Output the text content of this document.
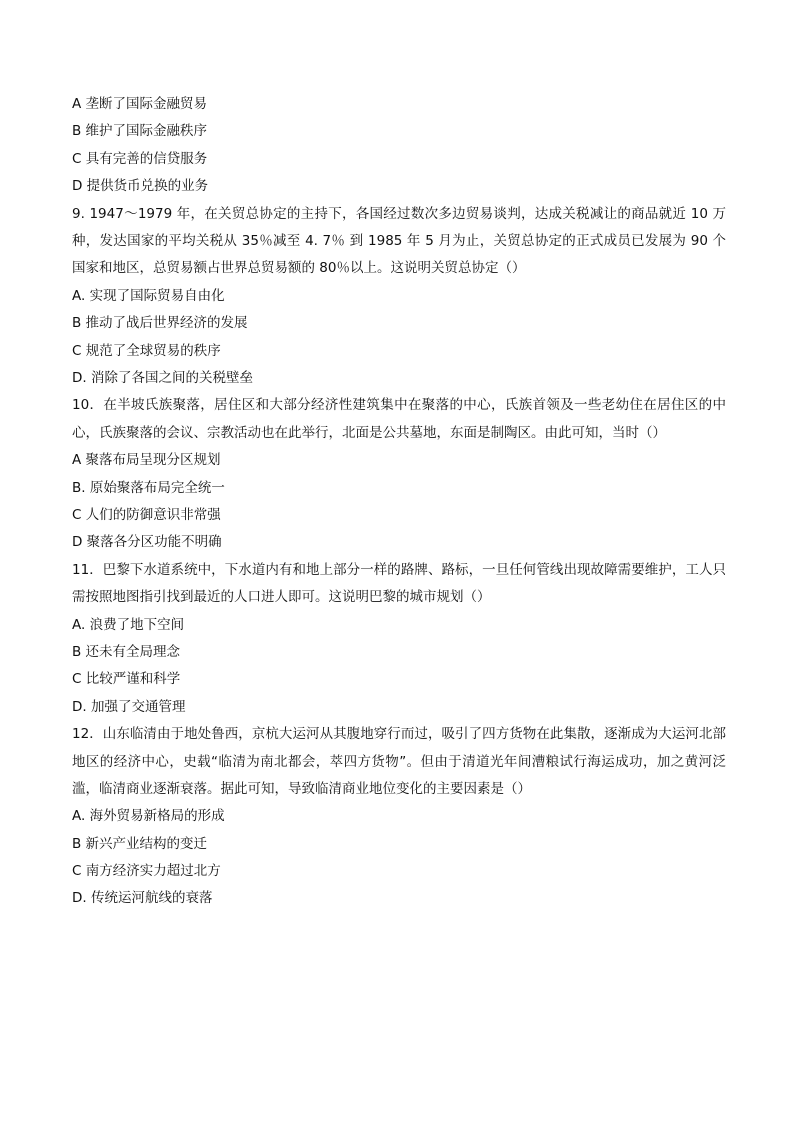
A 垄断了国际金融贸易
B 维护了国际金融秩序
C 具有完善的信贷服务
D 提供货币兑换的业务
9. 1947～1979 年，在关贸总协定的主持下，各国经过数次多边贸易谈判，达成关税减让的商品就近 10 万种，发达国家的平均关税从 35％减至 4. 7％ 到 1985 年 5 月为止，关贸总协定的正式成员已发展为 90 个国家和地区，总贸易额占世界总贸易额的 80％以上。这说明关贸总协定（）
A. 实现了国际贸易自由化
B 推动了战后世界经济的发展
C 规范了全球贸易的秩序
D. 消除了各国之间的关税壁垒
10．在半坡氏族聚落，居住区和大部分经济性建筑集中在聚落的中心，氏族首领及一些老幼住在居住区的中心，氏族聚落的会议、宗教活动也在此举行，北面是公共墓地，东面是制陶区。由此可知，当时（）
A 聚落布局呈现分区规划
B. 原始聚落布局完全统一
C 人们的防御意识非常强
D 聚落各分区功能不明确
11．巴黎下水道系统中，下水道内有和地上部分一样的路牌、路标，一旦任何管线出现故障需要维护，工人只需按照地图指引找到最近的人口进人即可。这说明巴黎的城市规划（）
A. 浪费了地下空间
B 还未有全局理念
C 比较严谨和科学
D. 加强了交通管理
12．山东临清由于地处鲁西，京杭大运河从其腹地穿行而过，吸引了四方货物在此集散，逐渐成为大运河北部地区的经济中心，史载“临清为南北都会，萃四方货物”。但由于清道光年间漕粮试行海运成功，加之黄河泛滥，临清商业逐渐衰落。据此可知，导致临清商业地位变化的主要因素是（）
A. 海外贸易新格局的形成
B 新兴产业结构的变迁
C 南方经济实力超过北方
D. 传统运河航线的衰落
